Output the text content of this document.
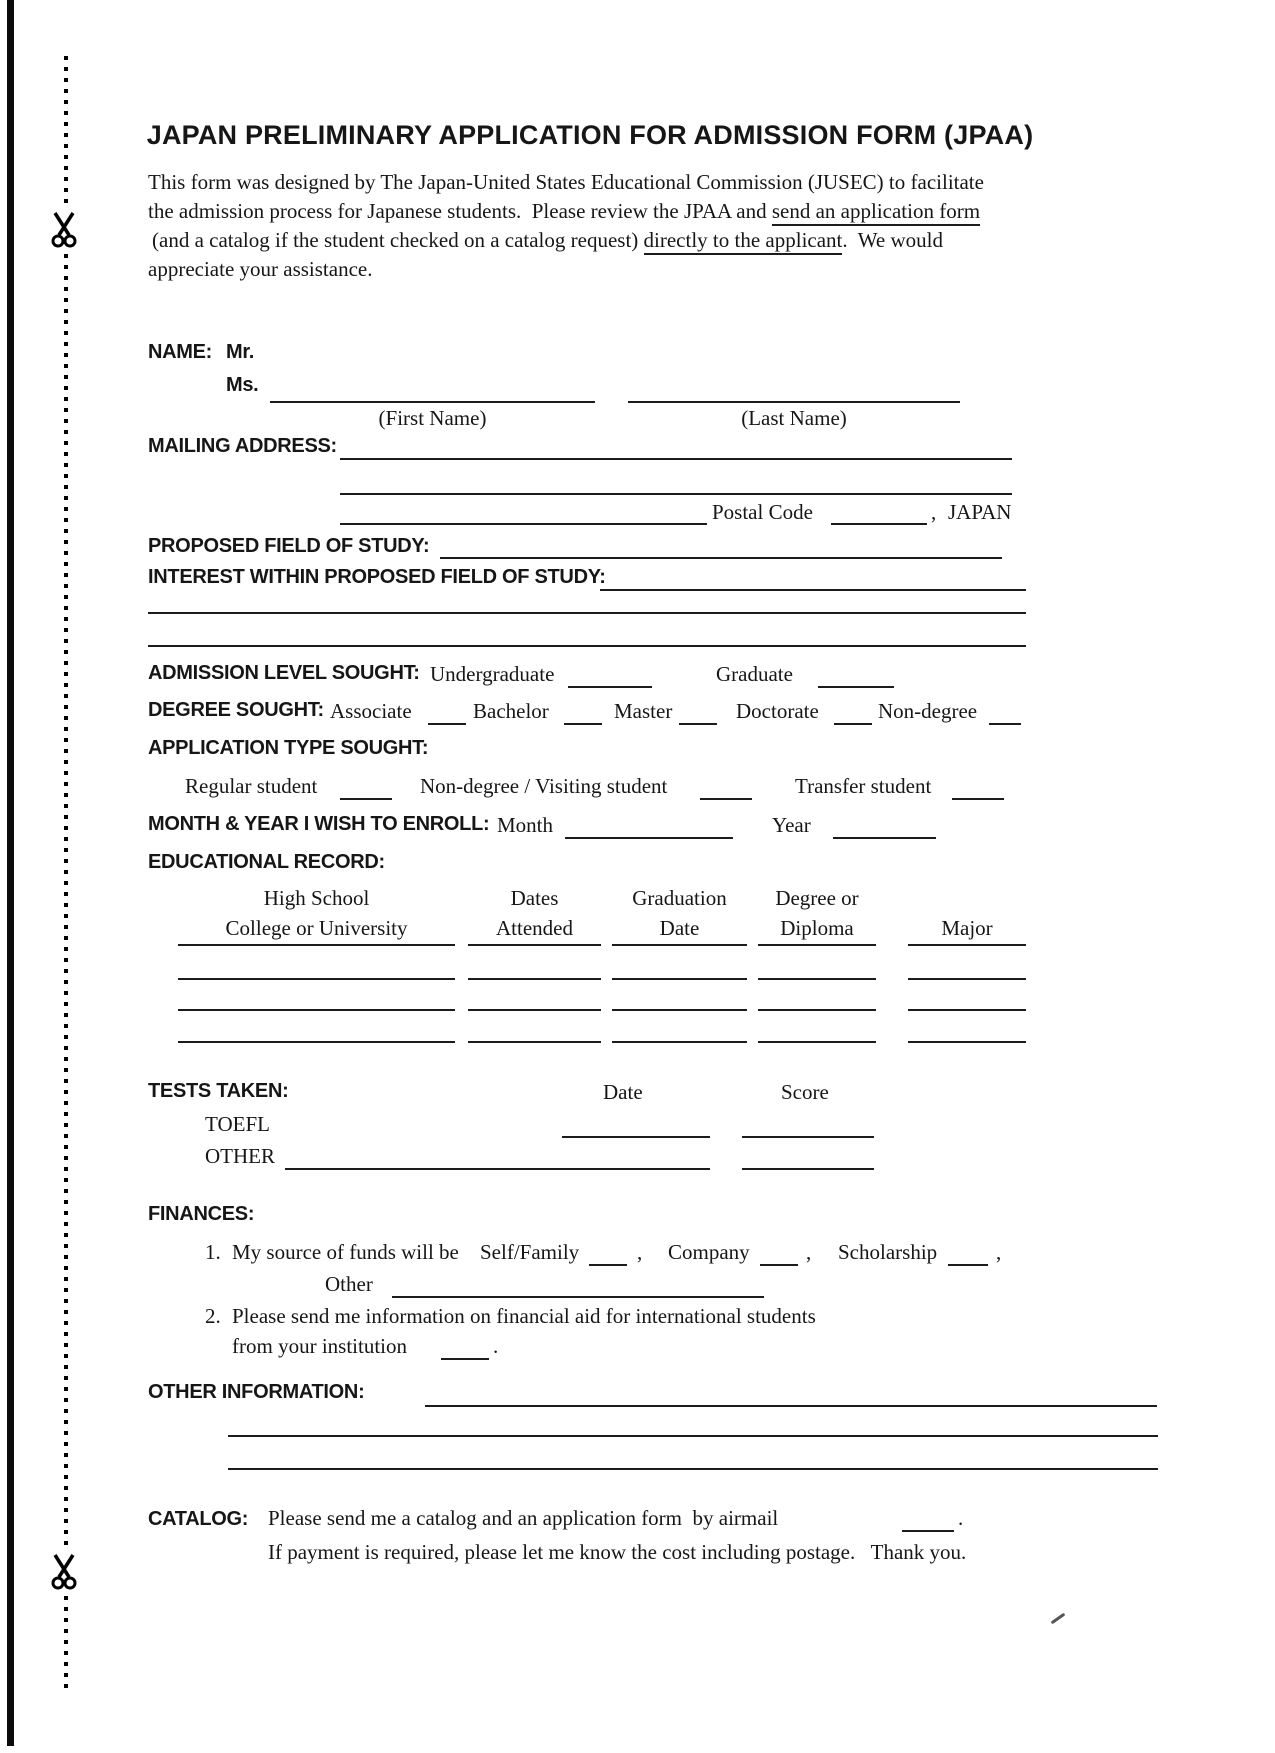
JAPAN PRELIMINARY APPLICATION FOR ADMISSION FORM (JPAA)
This form was designed by The Japan-United States Educational Commission (JUSEC) to facilitate
the admission process for Japanese students.  Please review the JPAA and send an application form
(and a catalog if the student checked on a catalog request) directly to the applicant.  We would
appreciate your assistance.
NAME: Mr.
Ms.
(First Name)	(Last Name)
MAILING ADDRESS:
Postal Code	, JAPAN
PROPOSED FIELD OF STUDY:
INTEREST WITHIN PROPOSED FIELD OF STUDY:
ADMISSION LEVEL SOUGHT: Undergraduate	Graduate
DEGREE SOUGHT: Associate	Bachelor	Master	Doctorate	Non-degree
APPLICATION TYPE SOUGHT:
Regular student	Non-degree / Visiting student	Transfer student
MONTH & YEAR I WISH TO ENROLL: Month	Year
EDUCATIONAL RECORD:
High School	Dates	Graduation	Degree or
College or University	Attended	Date	Diploma	Major
TESTS TAKEN:	Date	Score
TOEFL
OTHER
FINANCES:
1. My source of funds will be Self/Family	, Company	, Scholarship	,
Other
2. Please send me information on financial aid for international students
from your institution	.
OTHER INFORMATION:
CATALOG: Please send me a catalog and an application form  by airmail	.
If payment is required, please let me know the cost including postage.   Thank you.
